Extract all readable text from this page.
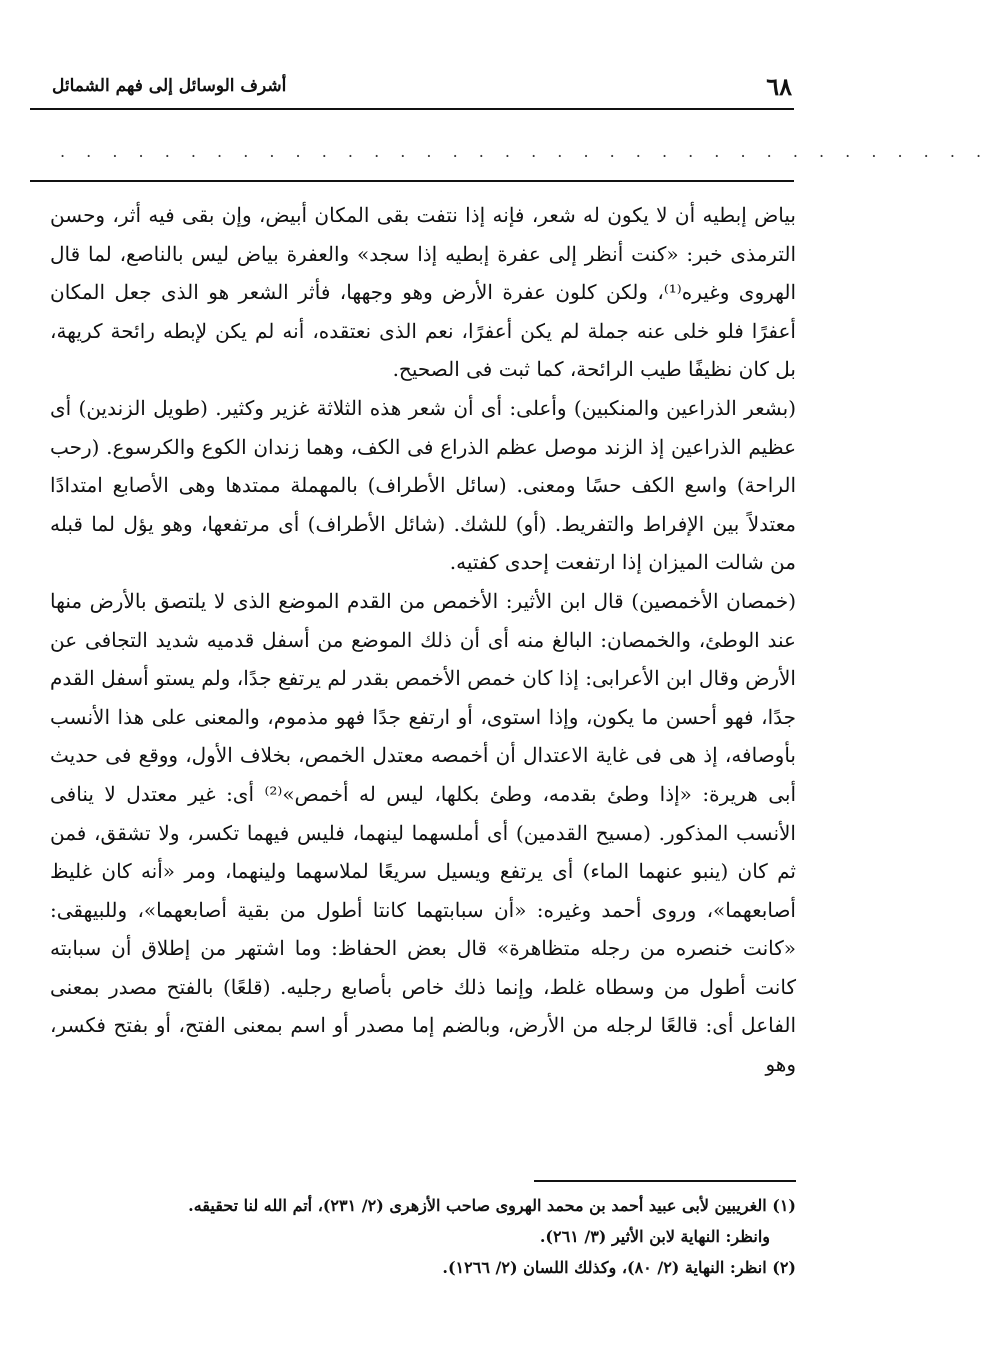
٦٨
أشرف الوسائل إلى فهم الشمائل
. . . . . . . . . . . . . . . . . . . . . . . . . . . . . . . . . . . .

بياض إبطيه أن لا يكون له شعر، فإنه إذا نتفت بقى المكان أبيض، وإن بقى فيه أثر، وحسن الترمذى خبر: «كنت أنظر إلى عفرة إبطيه إذا سجد» والعفرة بياض ليس بالناصع، لما قال الهروى وغيره⁽¹⁾، ولكن كلون عفرة الأرض وهو وجهها، فأثر الشعر هو الذى جعل المكان أعفرًا فلو خلى عنه جملة لم يكن أعفرًا، نعم الذى نعتقده، أنه لم يكن لإبطه رائحة كريهة، بل كان نظيفًا طيب الرائحة، كما ثبت فى الصحيح.

(بشعر الذراعين والمنكبين) وأعلى: أى أن شعر هذه الثلاثة غزير وكثير. (طويل الزندين) أى عظيم الذراعين إذ الزند موصل عظم الذراع فى الكف، وهما زندان الكوع والكرسوع. (رحب الراحة) واسع الكف حسًا ومعنى. (سائل الأطراف) بالمهملة ممتدها وهى الأصابع امتدادًا معتدلاً بين الإفراط والتفريط. (أو) للشك. (شائل الأطراف) أى مرتفعها، وهو يؤل لما قبله من شالت الميزان إذا ارتفعت إحدى كفتيه.

(خمصان الأخمصين) قال ابن الأثير: الأخمص من القدم الموضع الذى لا يلتصق بالأرض منها عند الوطئ، والخمصان: البالغ منه أى أن ذلك الموضع من أسفل قدميه شديد التجافى عن الأرض وقال ابن الأعرابى: إذا كان خمص الأخمص بقدر لم يرتفع جدًا، ولم يستو أسفل القدم جدًا، فهو أحسن ما يكون، وإذا استوى، أو ارتفع جدًا فهو مذموم، والمعنى على هذا الأنسب بأوصافه، إذ هى فى غاية الاعتدال أن أخمصه معتدل الخمص، بخلاف الأول، ووقع فى حديث أبى هريرة: «إذا وطئ بقدمه، وطئ بكلها، ليس له أخمص»⁽²⁾ أى: غير معتدل لا ينافى الأنسب المذكور. (مسيح القدمين) أى أملسهما لينهما، فليس فيهما تكسر، ولا تشقق، فمن ثم كان (ينبو عنهما الماء) أى يرتفع ويسيل سريعًا لملاسهما ولينهما، ومر «أنه كان غليظ أصابعهما»، وروى أحمد وغيره: «أن سبابتهما كانتا أطول من بقية أصابعهما»، وللبيهقى: «كانت خنصره من رجله متظاهرة» قال بعض الحفاظ: وما اشتهر من إطلاق أن سبابته كانت أطول من وسطاه غلط، وإنما ذلك خاص بأصابع رجليه. (قلعًا) بالفتح مصدر بمعنى الفاعل أى: قالعًا لرجله من الأرض، وبالضم إما مصدر أو اسم بمعنى الفتح، أو بفتح فكسر، وهو

(١) الغريبين لأبى عبيد أحمد بن محمد الهروى صاحب الأزهرى (٢/ ٢٣١)، أتم الله لنا تحقيقه.

وانظر: النهاية لابن الأثير (٣/ ٢٦١).

(٢) انظر: النهاية (٢/ ٨٠)، وكذلك اللسان (٢/ ١٢٦٦).
